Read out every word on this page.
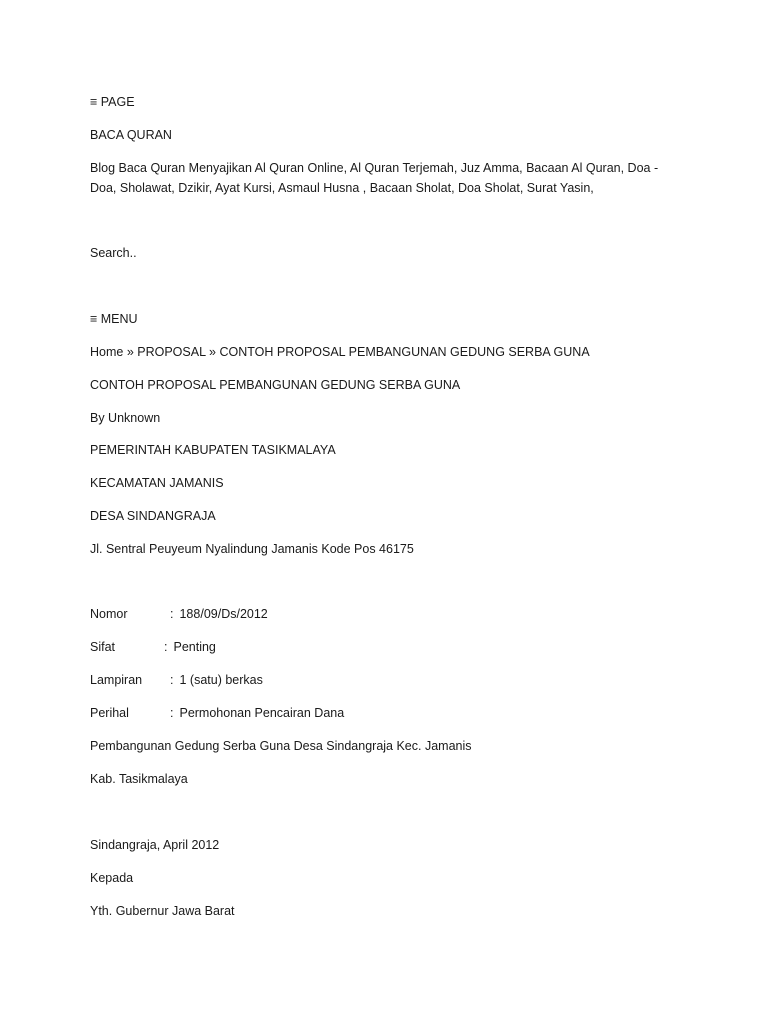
≡ PAGE
BACA QURAN
Blog Baca Quran Menyajikan Al Quran Online, Al Quran Terjemah, Juz Amma, Bacaan Al Quran, Doa - Doa, Sholawat, Dzikir, Ayat Kursi, Asmaul Husna , Bacaan Sholat, Doa Sholat, Surat Yasin,
Search..
≡ MENU
Home » PROPOSAL » CONTOH PROPOSAL PEMBANGUNAN GEDUNG SERBA GUNA
CONTOH PROPOSAL PEMBANGUNAN GEDUNG SERBA GUNA
By Unknown
PEMERINTAH KABUPATEN TASIKMALAYA
KECAMATAN JAMANIS
DESA SINDANGRAJA
Jl. Sentral Peuyeum Nyalindung Jamanis Kode Pos 46175
Nomor	: 188/09/Ds/2012
Sifat	: Penting
Lampiran : 1 (satu) berkas
Perihal	: Permohonan Pencairan Dana
Pembangunan Gedung Serba Guna Desa Sindangraja Kec. Jamanis
Kab. Tasikmalaya
Sindangraja, April 2012
Kepada
Yth. Gubernur Jawa Barat
